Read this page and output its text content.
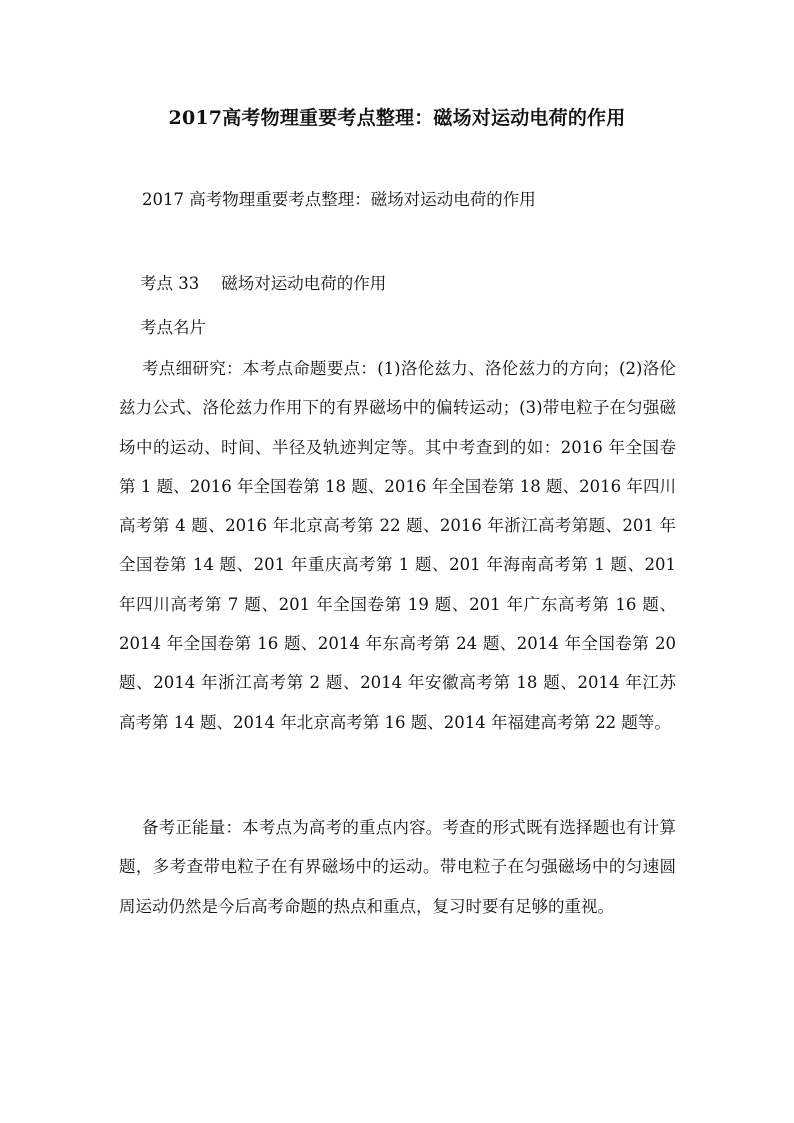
2017高考物理重要考点整理：磁场对运动电荷的作用
2017 高考物理重要考点整理：磁场对运动电荷的作用
考点 33 磁场对运动电荷的作用
考点名片

考点细研究：本考点命题要点：(1)洛伦兹力、洛伦兹力的方向；(2)洛伦兹力公式、洛伦兹力作用下的有界磁场中的偏转运动；(3)带电粒子在匀强磁场中的运动、时间、半径及轨迹判定等。其中考查到的如：2016 年全国卷第 1 题、2016 年全国卷第 18 题、2016 年全国卷第 18 题、2016 年四川高考第 4 题、2016 年北京高考第 22 题、2016 年浙江高考第题、201 年全国卷第 14 题、201 年重庆高考第 1 题、201 年海南高考第 1 题、201 年四川高考第 7 题、201 年全国卷第 19 题、201 年广东高考第 16 题、2014 年全国卷第 16 题、2014 年东高考第 24 题、2014 年全国卷第 20 题、2014 年浙江高考第 2 题、2014 年安徽高考第 18 题、2014 年江苏高考第 14 题、2014 年北京高考第 16 题、2014 年福建高考第 22 题等。

备考正能量：本考点为高考的重点内容。考查的形式既有选择题也有计算题，多考查带电粒子在有界磁场中的运动。带电粒子在匀强磁场中的匀速圆周运动仍然是今后高考命题的热点和重点，复习时要有足够的重视。
